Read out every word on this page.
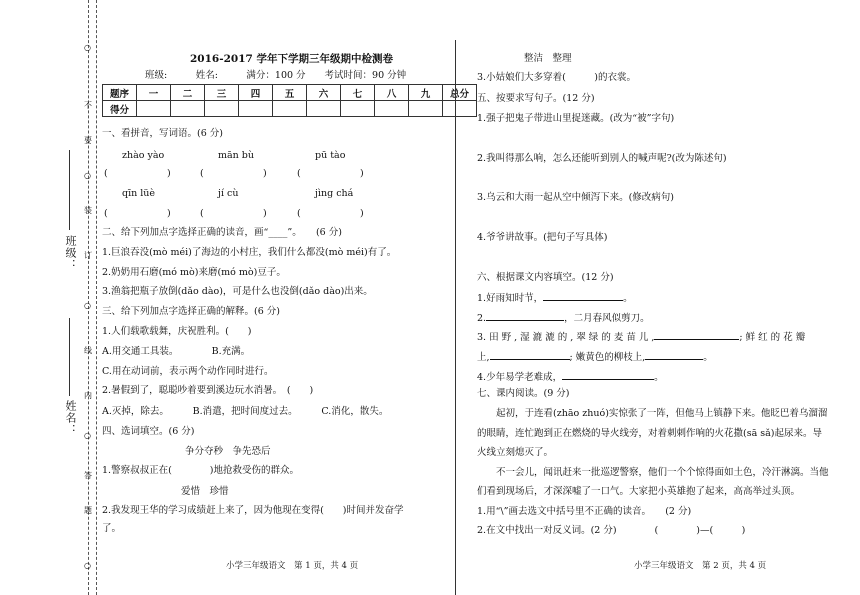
班级：
姓名：
○
○
○
○
○
装
订
线
内
不
要
答
题
2016-2017 学年下学期三年级期中检测卷
班级:　　　姓名:　　　满分：100 分　　考试时间：90 分钟
题序	一	二	三	四	五	六	七	八	九	总分
得分										
一、看拼音，写词语。(6 分)
zhào yào	mān bù	pū tào
(	)	(	)	(	)
qīn lüè	jí cù	jìng chá
(	)	(	)	(	)
二、给下列加点字选择正确的读音，画“____”。　　(6 分)
1.巨浪吞没(mò méi)了海边的小村庄，我们什么都没(mò méi)有了。
2.奶奶用石磨(mó mò)来磨(mó mò)豆子。
3.渔翁把瓶子放倒(dǎo dào)，可是什么也没倒(dǎo dào)出来。
三、给下列加点字选择正确的解释。(6 分)
1.人们载歌载舞，庆祝胜利。(　　)
A.用交通工具装。　　　　B.充满。
C.用在动词前，表示两个动作同时进行。
2.暑假到了，聪聪吵着要到溪边玩水消暑。　(　　)
A.灭掉，除去。　　　B.消遣，把时间度过去。　　　C.消化，散失。
四、选词填空。(6 分)
争分夺秒　争先恐后
1.警察叔叔正在(　　　　)地抢救受伤的群众。
爱惜　珍惜
2.我发现王华的学习成绩赶上来了，因为他现在变得(　　)时间并发奋学
了。
小学三年级语文　第 1 页，共 4 页
整洁　整理
3.小姑娘们大多穿着(　　　)的衣裳。
五、按要求写句子。(12 分)
1.强子把鬼子带进山里捉迷藏。(改为“被”字句)
2.我叫得那么响，怎么还能听到别人的喊声呢?(改为陈述句)
3.乌云和大雨一起从空中倾泻下来。(修改病句)
4.爷爷讲故事。(把句子写具体)
六、根据课文内容填空。(12 分)
1.好雨知时节，	。
2.	，二月春风似剪刀。
3. 田 野 , 湿 漉 漉 的 , 翠 绿 的 麦 苗 儿 ,	; 鲜 红 的 花 瓣
上,	; 嫩黄色的柳枝上,	。
4.少年易学老难成，	。
七、课内阅读。(9 分)
起初，于连看(zhāo zhuó)实惊张了一阵，但他马上镇静下来。他眨巴着乌溜溜
的眼睛，连忙跑到正在燃烧的导火线旁，对着刺刺作响的火花撒(sā sǎ)起尿来。导
火线立刻熄灭了。
不一会儿，闻讯赶来一批巡逻警察，他们一个个惊得面如土色，冷汗淋漓。当他
们看到现场后，才深深嘘了一口气。大家把小英雄抱了起来，高高举过头顶。
1.用“\”画去选文中括号里不正确的读音。　　(2 分)
2.在文中找出一对反义词。(2 分)　　　　(　　　　)—(　　　)
小学三年级语文　第 2 页，共 4 页
